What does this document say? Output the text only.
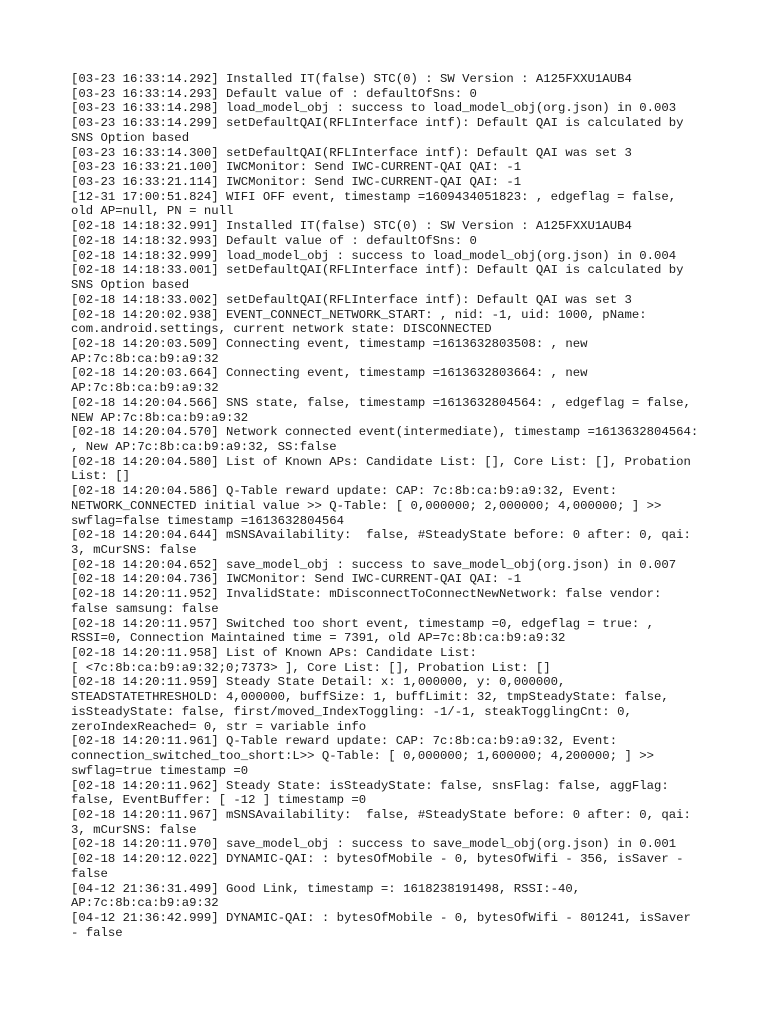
[03-23 16:33:14.292] Installed IT(false) STC(0) : SW Version : A125FXXU1AUB4
[03-23 16:33:14.293] Default value of : defaultOfSns: 0
[03-23 16:33:14.298] load_model_obj : success to load_model_obj(org.json) in 0.003
[03-23 16:33:14.299] setDefaultQAI(RFLInterface intf): Default QAI is calculated by SNS Option based
[03-23 16:33:14.300] setDefaultQAI(RFLInterface intf): Default QAI was set 3
[03-23 16:33:21.100] IWCMonitor: Send IWC-CURRENT-QAI QAI: -1
[03-23 16:33:21.114] IWCMonitor: Send IWC-CURRENT-QAI QAI: -1
[12-31 17:00:51.824] WIFI OFF event, timestamp =1609434051823: , edgeflag = false, old AP=null, PN = null
[02-18 14:18:32.991] Installed IT(false) STC(0) : SW Version : A125FXXU1AUB4
[02-18 14:18:32.993] Default value of : defaultOfSns: 0
[02-18 14:18:32.999] load_model_obj : success to load_model_obj(org.json) in 0.004
[02-18 14:18:33.001] setDefaultQAI(RFLInterface intf): Default QAI is calculated by SNS Option based
[02-18 14:18:33.002] setDefaultQAI(RFLInterface intf): Default QAI was set 3
[02-18 14:20:02.938] EVENT_CONNECT_NETWORK_START: , nid: -1, uid: 1000, pName: com.android.settings, current network state: DISCONNECTED
[02-18 14:20:03.509] Connecting event, timestamp =1613632803508: , new AP:7c:8b:ca:b9:a9:32
[02-18 14:20:03.664] Connecting event, timestamp =1613632803664: , new AP:7c:8b:ca:b9:a9:32
[02-18 14:20:04.566] SNS state, false, timestamp =1613632804564: , edgeflag = false, NEW AP:7c:8b:ca:b9:a9:32
[02-18 14:20:04.570] Network connected event(intermediate), timestamp =1613632804564: , New AP:7c:8b:ca:b9:a9:32, SS:false
[02-18 14:20:04.580] List of Known APs: Candidate List: [], Core List: [], Probation List: []
[02-18 14:20:04.586] Q-Table reward update: CAP: 7c:8b:ca:b9:a9:32, Event: NETWORK_CONNECTED initial value >> Q-Table: [ 0,000000; 2,000000; 4,000000; ] >> swflag=false timestamp =1613632804564
[02-18 14:20:04.644] mSNSAvailability:  false, #SteadyState before: 0 after: 0, qai: 3, mCurSNS: false
[02-18 14:20:04.652] save_model_obj : success to save_model_obj(org.json) in 0.007
[02-18 14:20:04.736] IWCMonitor: Send IWC-CURRENT-QAI QAI: -1
[02-18 14:20:11.952] InvalidState: mDisconnectToConnectNewNetwork: false vendor: false samsung: false
[02-18 14:20:11.957] Switched too short event, timestamp =0, edgeflag = true: , RSSI=0, Connection Maintained time = 7391, old AP=7c:8b:ca:b9:a9:32
[02-18 14:20:11.958] List of Known APs: Candidate List:
[ <7c:8b:ca:b9:a9:32;0;7373> ], Core List: [], Probation List: []
[02-18 14:20:11.959] Steady State Detail: x: 1,000000, y: 0,000000, STEADSTATETHRESHOLD: 4,000000, buffSize: 1, buffLimit: 32, tmpSteadyState: false, isSteadyState: false, first/moved_IndexToggling: -1/-1, steakTogglingCnt: 0, zeroIndexReached= 0, str = variable info
[02-18 14:20:11.961] Q-Table reward update: CAP: 7c:8b:ca:b9:a9:32, Event: connection_switched_too_short:L>> Q-Table: [ 0,000000; 1,600000; 4,200000; ] >> swflag=true timestamp =0
[02-18 14:20:11.962] Steady State: isSteadyState: false, snsFlag: false, aggFlag: false, EventBuffer: [ -12 ] timestamp =0
[02-18 14:20:11.967] mSNSAvailability:  false, #SteadyState before: 0 after: 0, qai: 3, mCurSNS: false
[02-18 14:20:11.970] save_model_obj : success to save_model_obj(org.json) in 0.001
[02-18 14:20:12.022] DYNAMIC-QAI: : bytesOfMobile - 0, bytesOfWifi - 356, isSaver - false
[04-12 21:36:31.499] Good Link, timestamp =: 1618238191498, RSSI:-40, AP:7c:8b:ca:b9:a9:32
[04-12 21:36:42.999] DYNAMIC-QAI: : bytesOfMobile - 0, bytesOfWifi - 801241, isSaver - false
